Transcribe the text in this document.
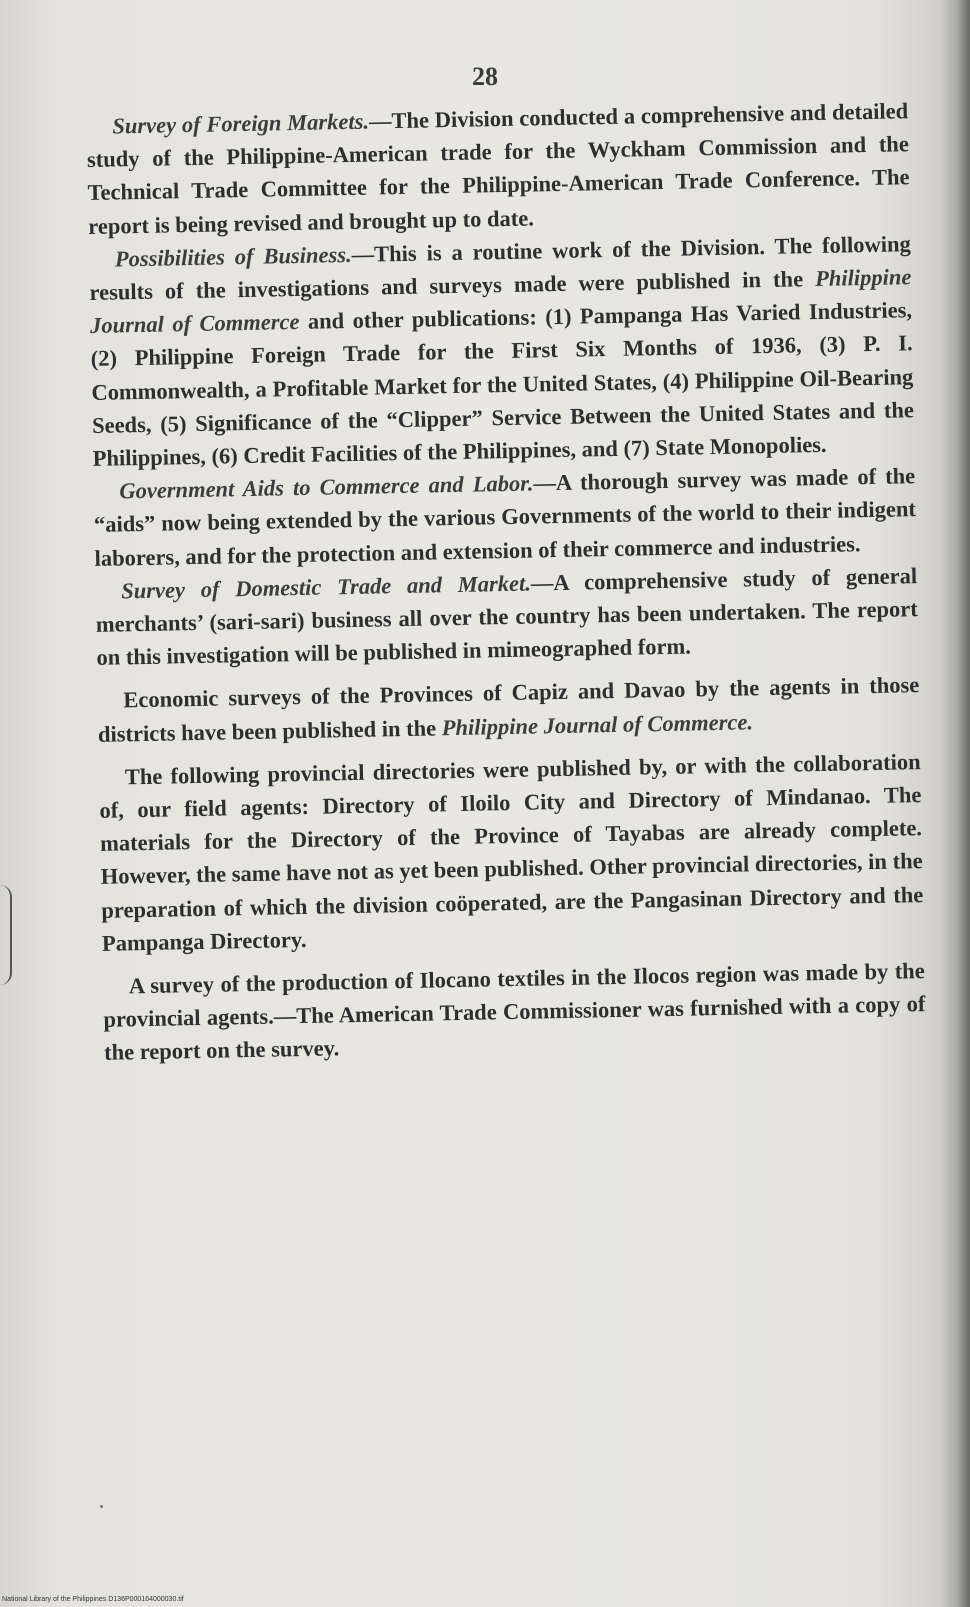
28

Survey of Foreign Markets.—The Division conducted a comprehensive and detailed study of the Philippine-American trade for the Wyckham Commission and the Technical Trade Committee for the Philippine-American Trade Conference. The report is being revised and brought up to date.

Possibilities of Business.—This is a routine work of the Division. The following results of the investigations and surveys made were published in the Philippine Journal of Commerce and other publications: (1) Pampanga Has Varied Industries, (2) Philippine Foreign Trade for the First Six Months of 1936, (3) P. I. Commonwealth, a Profitable Market for the United States, (4) Philippine Oil-Bearing Seeds, (5) Significance of the “Clipper” Service Between the United States and the Philippines, (6) Credit Facilities of the Philippines, and (7) State Monopolies.

Government Aids to Commerce and Labor.—A thorough survey was made of the “aids” now being extended by the various Governments of the world to their indigent laborers, and for the protection and extension of their commerce and industries.

Survey of Domestic Trade and Market.—A comprehensive study of general merchants’ (sari-sari) business all over the country has been undertaken. The report on this investigation will be published in mimeographed form.

Economic surveys of the Provinces of Capiz and Davao by the agents in those districts have been published in the Philippine Journal of Commerce.

The following provincial directories were published by, or with the collaboration of, our field agents: Directory of Iloilo City and Directory of Mindanao. The materials for the Directory of the Province of Tayabas are already complete. However, the same have not as yet been published. Other provincial directories, in the preparation of which the division coöperated, are the Pangasinan Directory and the Pampanga Directory.

A survey of the production of Ilocano textiles in the Ilocos region was made by the provincial agents.—The American Trade Commissioner was furnished with a copy of the report on the survey.

National Library of the Philippines D136P000164000030.tif
